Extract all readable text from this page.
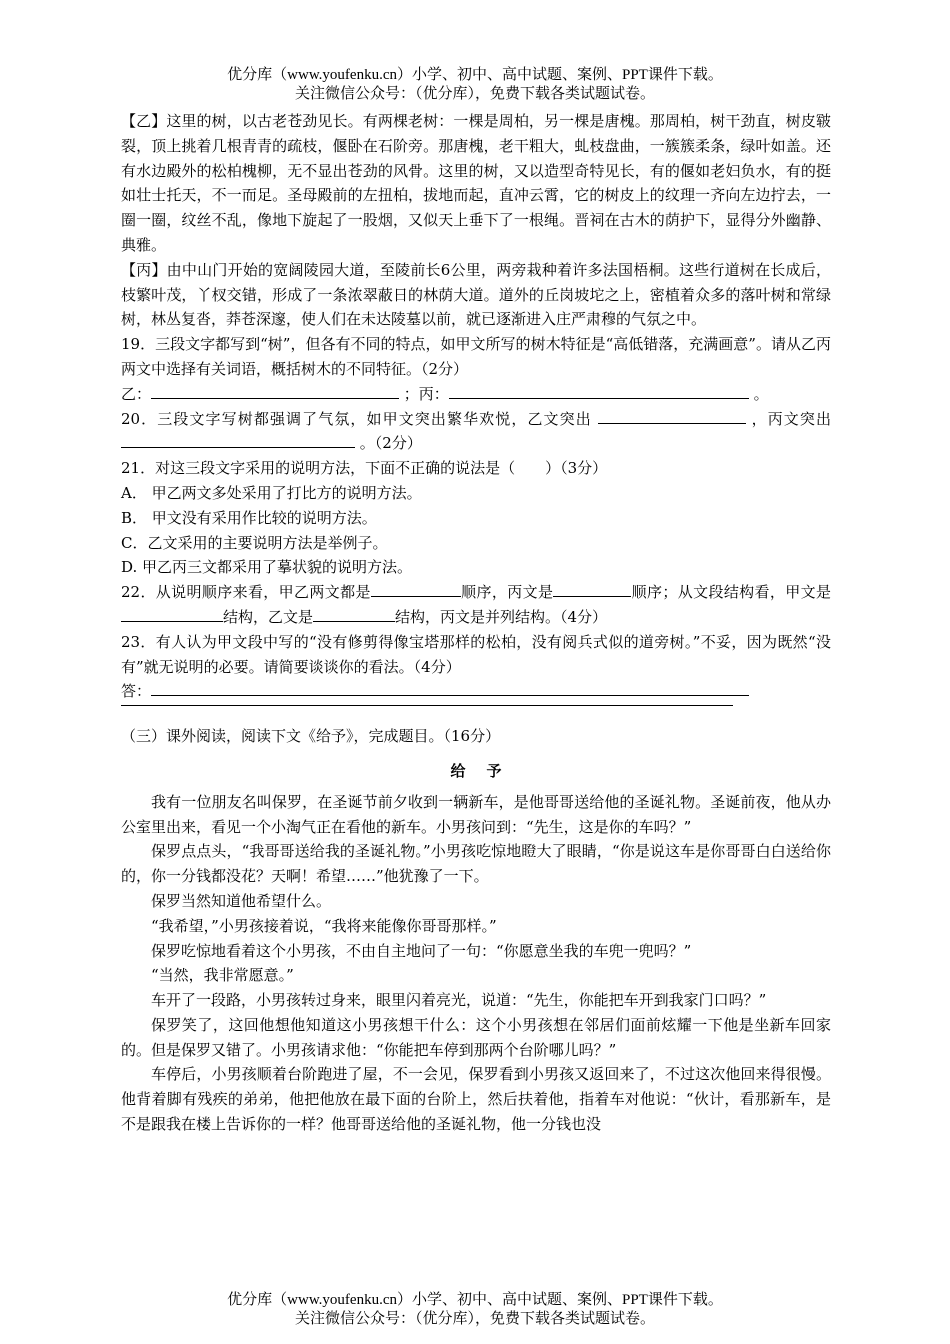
优分库（www.youfenku.cn）小学、初中、高中试题、案例、PPT课件下载。
关注微信公众号：（优分库），免费下载各类试题试卷。

【乙】这里的树，以古老苍劲见长。有两棵老树：一棵是周柏，另一棵是唐槐。那周柏，树干劲直，树皮皲裂，顶上挑着几根青青的疏枝，偃卧在石阶旁。那唐槐，老干粗大，虬枝盘曲，一簇簇柔条，绿叶如盖。还有水边殿外的松柏槐柳，无不显出苍劲的风骨。这里的树，又以造型奇特见长，有的偃如老妇负水，有的挺如壮士托天，不一而足。圣母殿前的左扭柏，拔地而起，直冲云霄，它的树皮上的纹理一齐向左边拧去，一圈一圈，纹丝不乱，像地下旋起了一股烟，又似天上垂下了一根绳。晋祠在古木的荫护下，显得分外幽静、典雅。

【丙】由中山门开始的宽阔陵园大道，至陵前长6公里，两旁栽种着许多法国梧桐。这些行道树在长成后，枝繁叶茂，丫杈交错，形成了一条浓翠蔽日的林荫大道。道外的丘岗坡坨之上，密植着众多的落叶树和常绿树，林丛复沓，莽苍深邃，使人们在未达陵墓以前，就已逐渐进入庄严肃穆的气氛之中。

19．三段文字都写到“树”，但各有不同的特点，如甲文所写的树木特征是“高低错落，充满画意”。请从乙丙两文中选择有关词语，概括树木的不同特征。（2分）

乙：	；丙：	。

20．三段文字写树都强调了气氛，如甲文突出繁华欢悦，乙文突出	，丙文突出  。（2分）

21．对这三段文字采用的说明方法，下面不正确的说法是（　　）（3分）

A． 甲乙两文多处采用了打比方的说明方法。

B． 甲文没有采用作比较的说明方法。

C．乙文采用的主要说明方法是举例子。

D. 甲乙丙三文都采用了摹状貌的说明方法。

22．从说明顺序来看，甲乙两文都是	顺序，丙文是	顺序；从文段结构看，甲文是 结构，乙文是	结构，丙文是并列结构。（4分）

23．有人认为甲文段中写的“没有修剪得像宝塔那样的松柏，没有阅兵式似的道旁树。”不妥，因为既然“没有”就无说明的必要。请简要谈谈你的看法。（4分）

答：

（三）课外阅读，阅读下文《给予》，完成题目。（16分）

给予

我有一位朋友名叫保罗，在圣诞节前夕收到一辆新车，是他哥哥送给他的圣诞礼物。圣诞前夜，他从办公室里出来，看见一个小淘气正在看他的新车。小男孩问到：“先生，这是你的车吗？”

保罗点点头，“我哥哥送给我的圣诞礼物。”小男孩吃惊地瞪大了眼睛，“你是说这车是你哥哥白白送给你的，你一分钱都没花？天啊！希望……”他犹豫了一下。

保罗当然知道他希望什么。

“我希望，”小男孩接着说，“我将来能像你哥哥那样。”

保罗吃惊地看着这个小男孩，不由自主地问了一句：“你愿意坐我的车兜一兜吗？”

“当然，我非常愿意。”

车开了一段路，小男孩转过身来，眼里闪着亮光，说道：“先生，你能把车开到我家门口吗？”

保罗笑了，这回他想他知道这小男孩想干什么：这个小男孩想在邻居们面前炫耀一下他是坐新车回家的。但是保罗又错了。小男孩请求他：“你能把车停到那两个台阶哪儿吗？”

车停后，小男孩顺着台阶跑进了屋，不一会见，保罗看到小男孩又返回来了，不过这次他回来得很慢。他背着脚有残疾的弟弟，他把他放在最下面的台阶上，然后扶着他，指着车对他说：“伙计，看那新车，是不是跟我在楼上告诉你的一样？他哥哥送给他的圣诞礼物，他一分钱也没

优分库（www.youfenku.cn）小学、初中、高中试题、案例、PPT课件下载。
关注微信公众号：（优分库），免费下载各类试题试卷。
